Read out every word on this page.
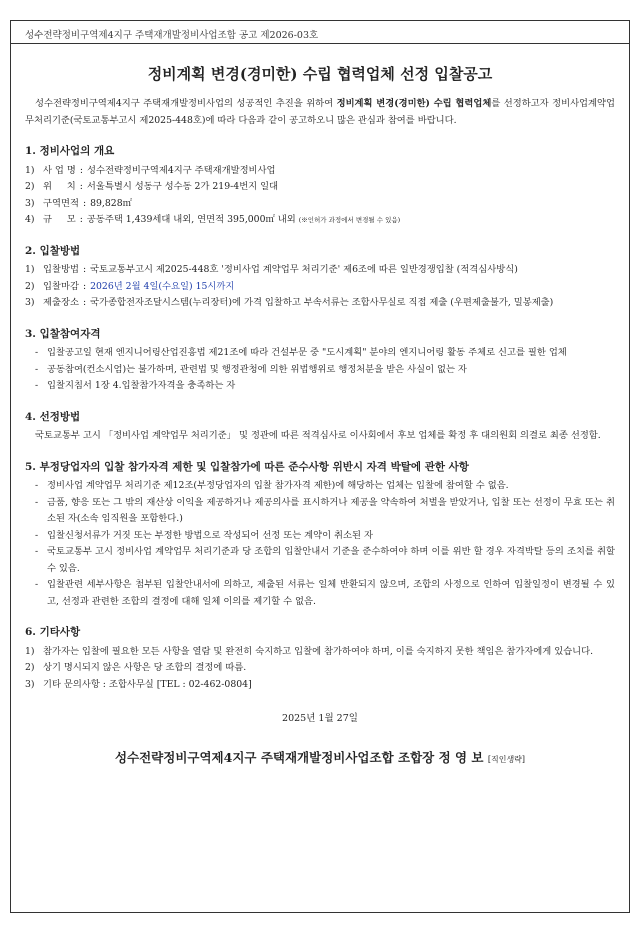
성수전략정비구역제4지구 주택재개발정비사업조합 공고 제2026-03호
정비계획 변경(경미한) 수립 협력업체 선정 입찰공고

성수전략정비구역제4지구 주택재개발정비사업의 성공적인 추진을 위하여 정비계획 변경(경미한) 수립 협력업체를 선정하고자 정비사업계약업무처리기준(국토교통부고시 제2025-448호)에 따라 다음과 같이 공고하오니 많은 관심과 참여를 바랍니다.

1. 정비사업의 개요
1) 사 업 명 : 성수전략정비구역제4지구 주택재개발정비사업
2) 위     치 : 서울특별시 성동구 성수동 2가 219-4번지 일대
3) 구역면적 : 89,828㎡
4) 규     모 : 공동주택 1,439세대 내외, 연면적 395,000㎡ 내외 (※인허가 과정에서 변경될 수 있음)
2. 입찰방법
1) 입찰방법 : 국토교통부고시 제2025-448호 '정비사업 계약업무 처리기준' 제6조에 따른 일반경쟁입찰 (적격심사방식)
2) 입찰마감 : 2026년 2월 4일(수요일) 15시까지
3) 제출장소 : 국가종합전자조달시스템(누리장터)에 가격 입찰하고 부속서류는 조합사무실로 직접 제출 (우편제출불가, 밀봉제출)
3. 입찰참여자격
- 입찰공고일 현재 엔지니어링산업진흥법 제21조에 따라 건설부문 중 "도시계획" 분야의 엔지니어링 활동 주체로 신고를 필한 업체
- 공동참여(컨소시엄)는 불가하며, 관련법 및 행정관청에 의한 위법행위로 행정처분을 받은 사실이 없는 자
- 입찰지침서 1장 4.입찰참가자격을 충족하는 자
4. 선정방법

국토교통부 고시 「정비사업 계약업무 처리기준」 및 정관에 따른 적격심사로 이사회에서 후보 업체를 확정 후 대의원회 의결로 최종 선정함.

5. 부정당업자의 입찰 참가자격 제한 및 입찰참가에 따른 준수사항 위반시 자격 박탈에 관한 사항
- 정비사업 계약업무 처리기준 제12조(부정당업자의 입찰 참가자격 제한)에 해당하는 업체는 입찰에 참여할 수 없음.
- 금품, 향응 또는 그 밖의 재산상 이익을 제공하거나 제공의사를 표시하거나 제공을 약속하여 처벌을 받았거나, 입찰 또는 선정이 무효 또는 취소된 자(소속 임직원을 포함한다.)
- 입찰신청서류가 거짓 또는 부정한 방법으로 작성되어 선정 또는 계약이 취소된 자
- 국토교통부 고시 정비사업 계약업무 처리기준과 당 조합의 입찰안내서 기준을 준수하여야 하며 이를 위반 할 경우 자격박탈 등의 조치를 취할 수 있음.
- 입찰관련 세부사항은 첨부된 입찰안내서에 의하고, 제출된 서류는 일체 반환되지 않으며, 조합의 사정으로 인하여 입찰일정이 변경될 수 있고, 선정과 관련한 조합의 결정에 대해 일체 이의를 제기할 수 없음.
6. 기타사항
1) 참가자는 입찰에 필요한 모든 사항을 열람 및 완전히 숙지하고 입찰에 참가하여야 하며, 이를 숙지하지 못한 책임은 참가자에게 있습니다.
2) 상기 명시되지 않은 사항은 당 조합의 결정에 따름.
3) 기타 문의사항 : 조합사무실 [TEL : 02-462-0804]
2025년 1월 27일
성수전략정비구역제4지구 주택재개발정비사업조합 조합장 정 영 보 [직인생략]
